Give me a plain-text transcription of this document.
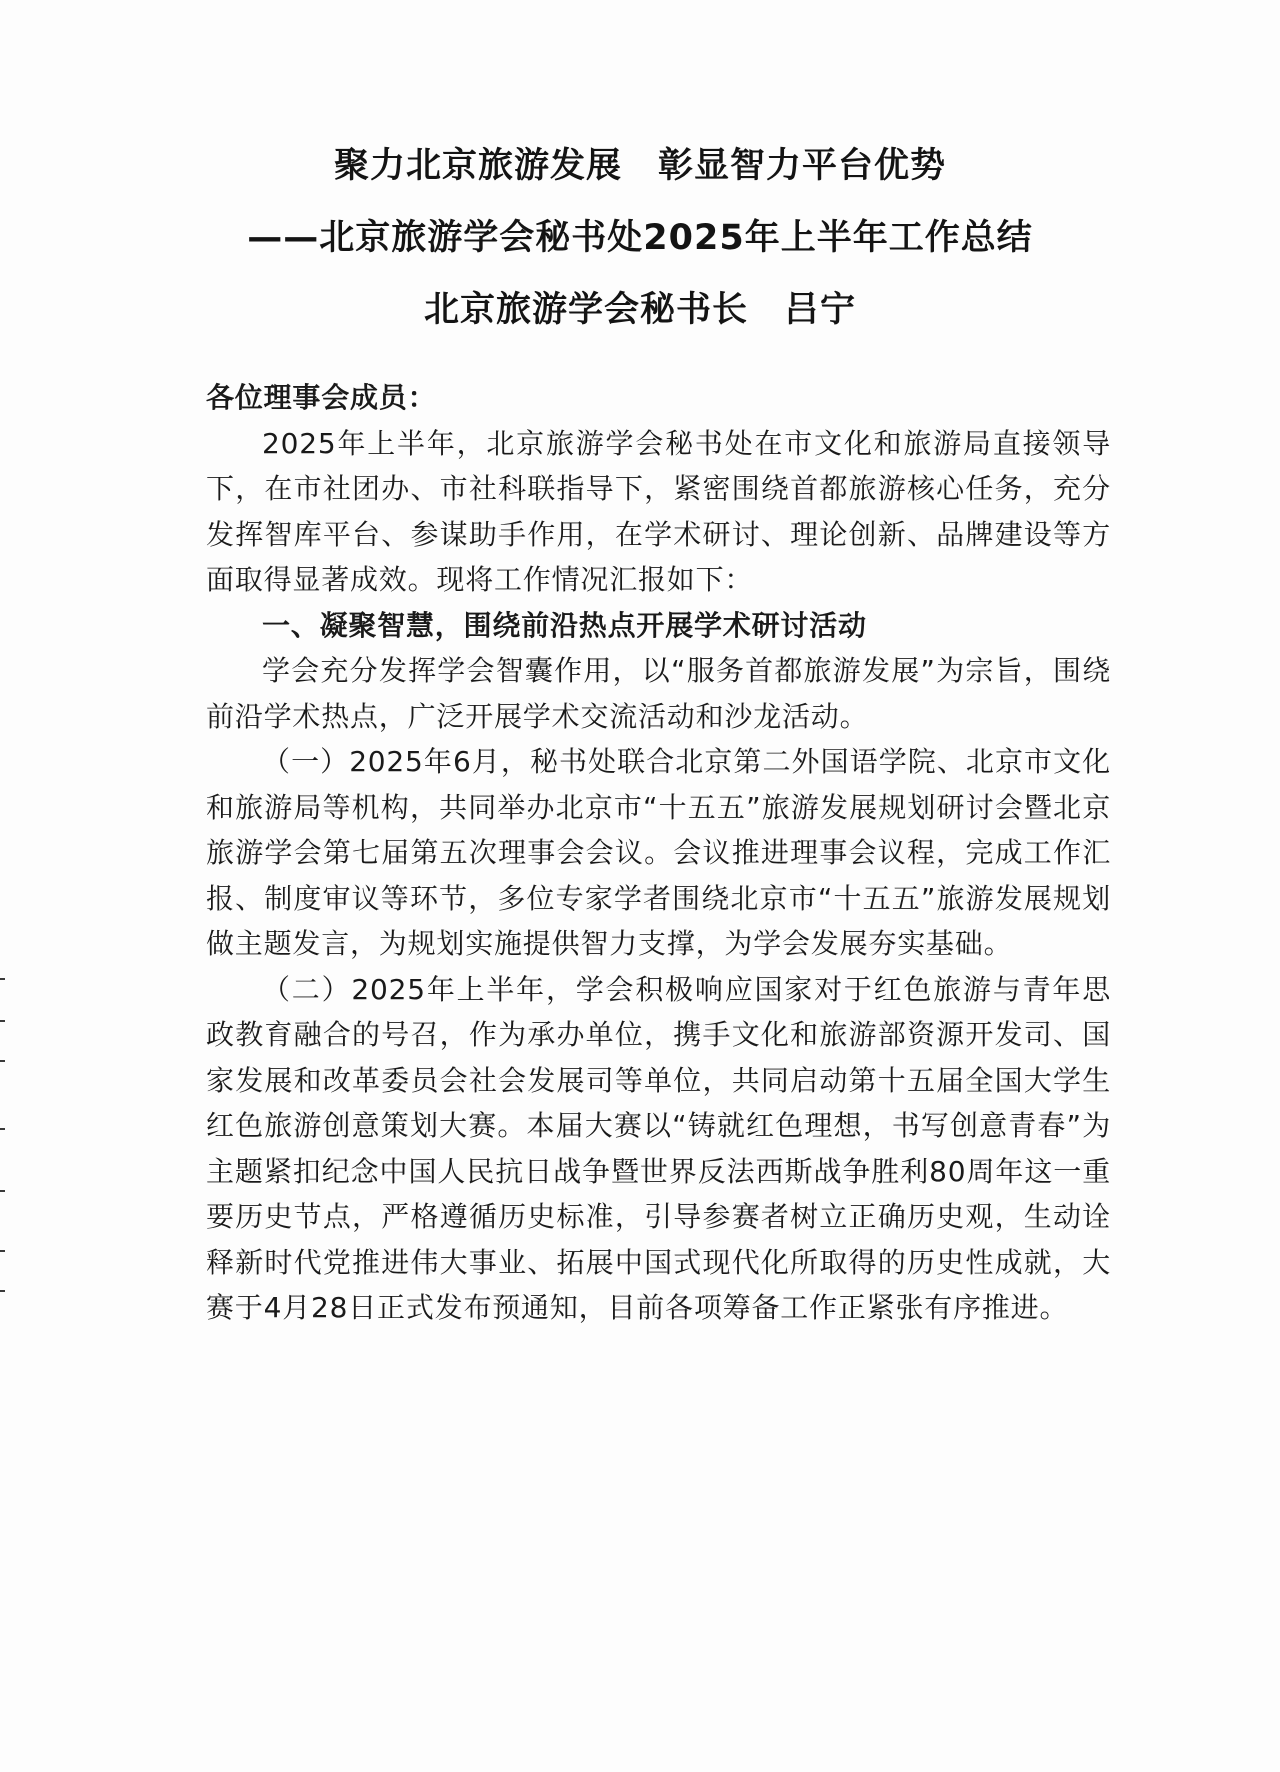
聚力北京旅游发展　彰显智力平台优势
——北京旅游学会秘书处2025年上半年工作总结
北京旅游学会秘书长　吕宁

各位理事会成员：

2025年上半年，北京旅游学会秘书处在市文化和旅游局直接领导下，在市社团办、市社科联指导下，紧密围绕首都旅游核心任务，充分发挥智库平台、参谋助手作用，在学术研讨、理论创新、品牌建设等方面取得显著成效。现将工作情况汇报如下：

一、凝聚智慧，围绕前沿热点开展学术研讨活动

学会充分发挥学会智囊作用，以“服务首都旅游发展”为宗旨，围绕前沿学术热点，广泛开展学术交流活动和沙龙活动。

（一）2025年6月，秘书处联合北京第二外国语学院、北京市文化和旅游局等机构，共同举办北京市“十五五”旅游发展规划研讨会暨北京旅游学会第七届第五次理事会会议。会议推进理事会议程，完成工作汇报、制度审议等环节，多位专家学者围绕北京市“十五五”旅游发展规划做主题发言，为规划实施提供智力支撑，为学会发展夯实基础。

（二）2025年上半年，学会积极响应国家对于红色旅游与青年思政教育融合的号召，作为承办单位，携手文化和旅游部资源开发司、国家发展和改革委员会社会发展司等单位，共同启动第十五届全国大学生红色旅游创意策划大赛。本届大赛以“铸就红色理想，书写创意青春”为主题紧扣纪念中国人民抗日战争暨世界反法西斯战争胜利80周年这一重要历史节点，严格遵循历史标准，引导参赛者树立正确历史观，生动诠释新时代党推进伟大事业、拓展中国式现代化所取得的历史性成就，大赛于4月28日正式发布预通知，目前各项筹备工作正紧张有序推进。
